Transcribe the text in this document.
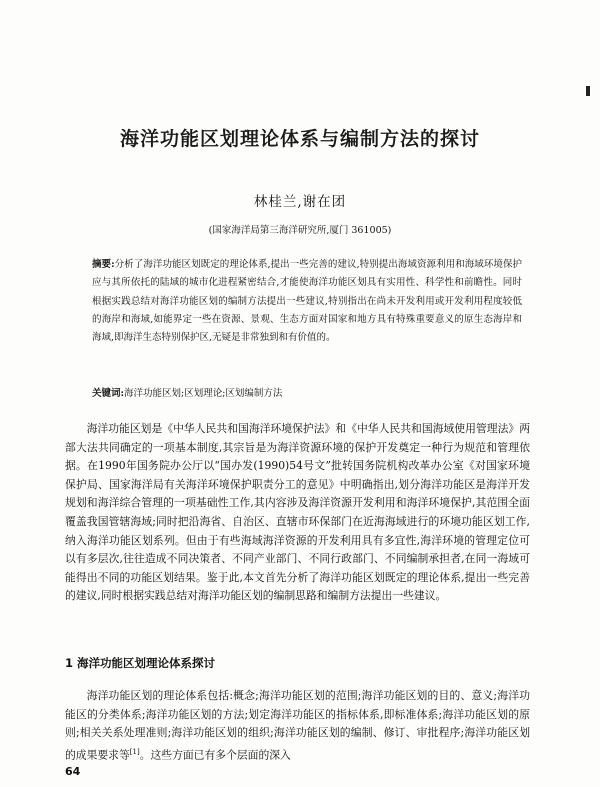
海洋功能区划理论体系与编制方法的探讨
林桂兰,谢在团
(国家海洋局第三海洋研究所,厦门 361005)
摘要:分析了海洋功能区划既定的理论体系,提出一些完善的建议,特别提出海域资源利用和海域环境保护应与其所依托的陆域的城市化进程紧密结合,才能使海洋功能区划具有实用性、科学性和前瞻性。同时根据实践总结对海洋功能区划的编制方法提出一些建议,特别指出在尚未开发利用或开发利用程度较低的海岸和海域,如能界定一些在资源、景观、生态方面对国家和地方具有特殊重要意义的原生态海岸和海域,即海洋生态特别保护区,无疑是非常独到和有价值的。
关键词:海洋功能区划;区划理论;区划编制方法

海洋功能区划是《中华人民共和国海洋环境保护法》和《中华人民共和国海域使用管理法》两部大法共同确定的一项基本制度,其宗旨是为海洋资源环境的保护开发奠定一种行为规范和管理依据。在1990年国务院办公厅以“国办发(1990)54号文”批转国务院机构改革办公室《对国家环境保护局、国家海洋局有关海洋环境保护职责分工的意见》中明确指出,划分海洋功能区是海洋开发规划和海洋综合管理的一项基础性工作,其内容涉及海洋资源开发利用和海洋环境保护,其范围全面覆盖我国管辖海域;同时把沿海省、自治区、直辖市环保部门在近海海域进行的环境功能区划工作,纳入海洋功能区划系列。但由于有些海域海洋资源的开发利用具有多宜性,海洋环境的管理定位可以有多层次,往往造成不同决策者、不同产业部门、不同行政部门、不同编制承担者,在同一海域可能得出不同的功能区划结果。鉴于此,本文首先分析了海洋功能区划既定的理论体系,提出一些完善的建议,同时根据实践总结对海洋功能区划的编制思路和编制方法提出一些建议。

1 海洋功能区划理论体系探讨

海洋功能区划的理论体系包括:概念;海洋功能区划的范围;海洋功能区划的目的、意义;海洋功能区的分类体系;海洋功能区划的方法;划定海洋功能区的指标体系,即标准体系;海洋功能区划的原则;相关关系处理准则;海洋功能区划的组织;海洋功能区划的编制、修订、审批程序;海洋功能区划的成果要求等[1]。这些方面已有多个层面的深入

64
